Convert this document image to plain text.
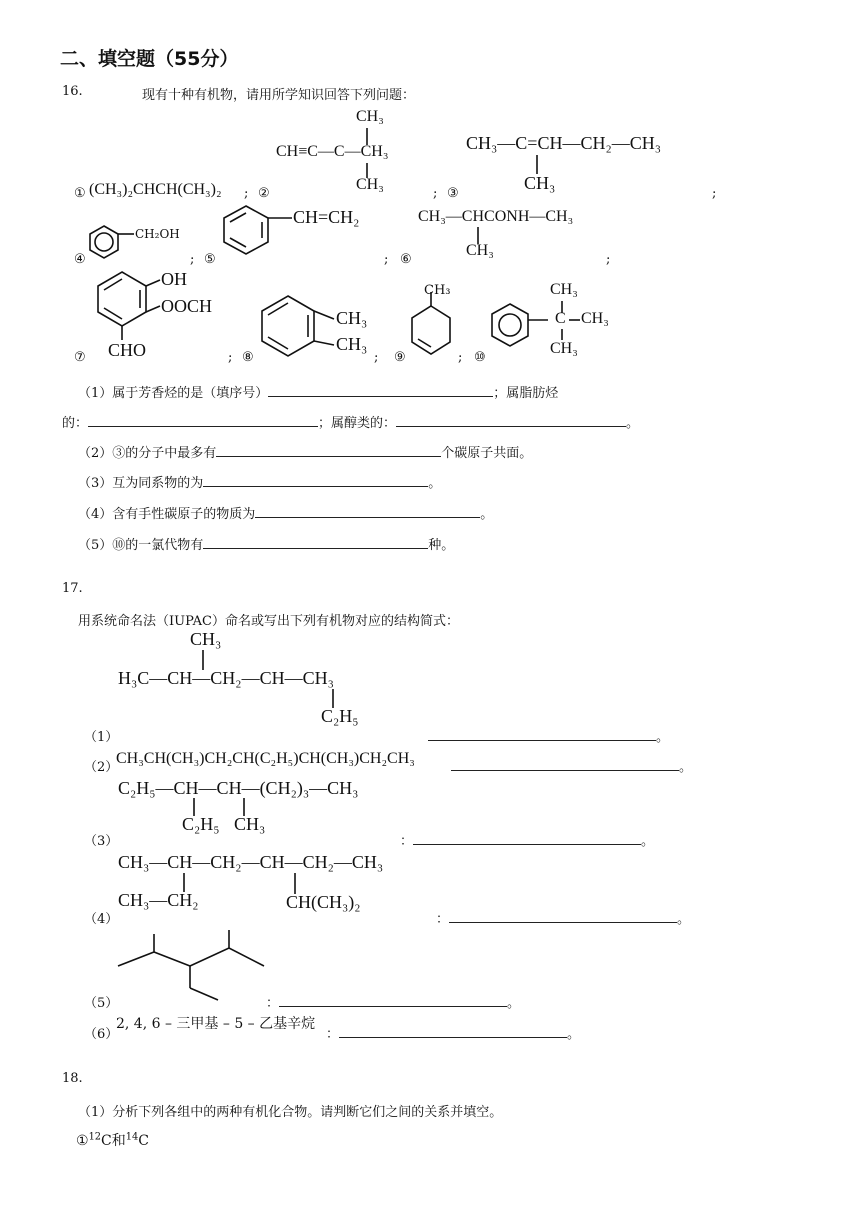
二、填空题（55分）
16.	现有十种有机物，请用所学知识回答下列问题：
CH₃
CH≡C—C—CH₃
CH₃
CH₃—C=CH—CH₂—CH₃
CH₃
① (CH₃)₂CHCH(CH₃)₂ ; ②	; ③	;
CH₂OH
④	; ⑤
CH=CH₂
; ⑥
CH₃—CHCONH—CH₃
CH₃
;
OH
OOCH
CHO
⑦	; ⑧
CH₃
CH₃
; ⑨
CH₃
; ⑩
CH₃
C CH₃
CH₃
（1）属于芳香烃的是（填序号）	；属脂肪烃
的：	；属醇类的：	。
（2）③的分子中最多有	个碳原子共面。
（3）互为同系物的为	。
（4）含有手性碳原子的物质为	。
（5）⑩的一氯代物有	种。
17.
用系统命名法（IUPAC）命名或写出下列有机物对应的结构简式：
CH₃
H₃C—CH—CH₂—CH—CH₃
C₂H₅
（1）	。
（2）
CH₃CH(CH₃)CH₂CH(C₂H₅)CH(CH₃)CH₂CH₃
。
C₂H₅—CH—CH—(CH₂)₃—CH₃
C₂H₅ CH₃
（3）	：	。
CH₃—CH—CH₂—CH—CH₂—CH₃
CH₃—CH₂	CH(CH₃)₂
（4）	：	。
（5）	：	。
（6）
2, 4, 6 – 三甲基 – 5 – 乙基辛烷
：	。
18.
（1）分析下列各组中的两种有机化合物。请判断它们之间的关系并填空。
①$^{12}$C和$^{14}$C
